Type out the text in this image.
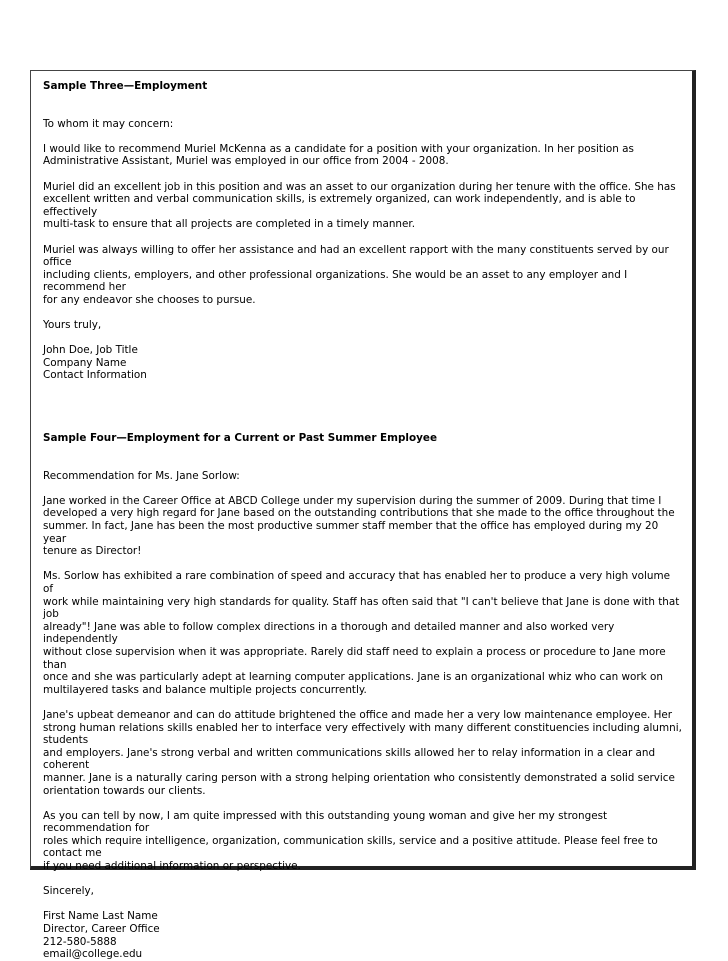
Sample Three—Employment

To whom it may concern:

I would like to recommend Muriel McKenna as a candidate for a position with your organization. In her position as
Administrative Assistant, Muriel was employed in our office from 2004 - 2008.

Muriel did an excellent job in this position and was an asset to our organization during her tenure with the office. She has
excellent written and verbal communication skills, is extremely organized, can work independently, and is able to effectively
multi-task to ensure that all projects are completed in a timely manner.

Muriel was always willing to offer her assistance and had an excellent rapport with the many constituents served by our office
including clients, employers, and other professional organizations. She would be an asset to any employer and I recommend her
for any endeavor she chooses to pursue.

Yours truly,

John Doe, Job Title
Company Name
Contact Information

Sample Four—Employment for a Current or Past Summer Employee

Recommendation for Ms. Jane Sorlow:

Jane worked in the Career Office at ABCD College under my supervision during the summer of 2009. During that time I
developed a very high regard for Jane based on the outstanding contributions that she made to the office throughout the
summer. In fact, Jane has been the most productive summer staff member that the office has employed during my 20 year
tenure as Director!

Ms. Sorlow has exhibited a rare combination of speed and accuracy that has enabled her to produce a very high volume of
work while maintaining very high standards for quality. Staff has often said that "I can't believe that Jane is done with that job
already"! Jane was able to follow complex directions in a thorough and detailed manner and also worked very independently
without close supervision when it was appropriate. Rarely did staff need to explain a process or procedure to Jane more than
once and she was particularly adept at learning computer applications. Jane is an organizational whiz who can work on
multilayered tasks and balance multiple projects concurrently.

Jane's upbeat demeanor and can do attitude brightened the office and made her a very low maintenance employee. Her
strong human relations skills enabled her to interface very effectively with many different constituencies including alumni, students
and employers. Jane's strong verbal and written communications skills allowed her to relay information in a clear and coherent
manner. Jane is a naturally caring person with a strong helping orientation who consistently demonstrated a solid service
orientation towards our clients.

As you can tell by now, I am quite impressed with this outstanding young woman and give her my strongest recommendation for
roles which require intelligence, organization, communication skills, service and a positive attitude. Please feel free to contact me
if you need additional information or perspective.

Sincerely,

First Name Last Name
Director, Career Office
212-580-5888
email@college.edu
